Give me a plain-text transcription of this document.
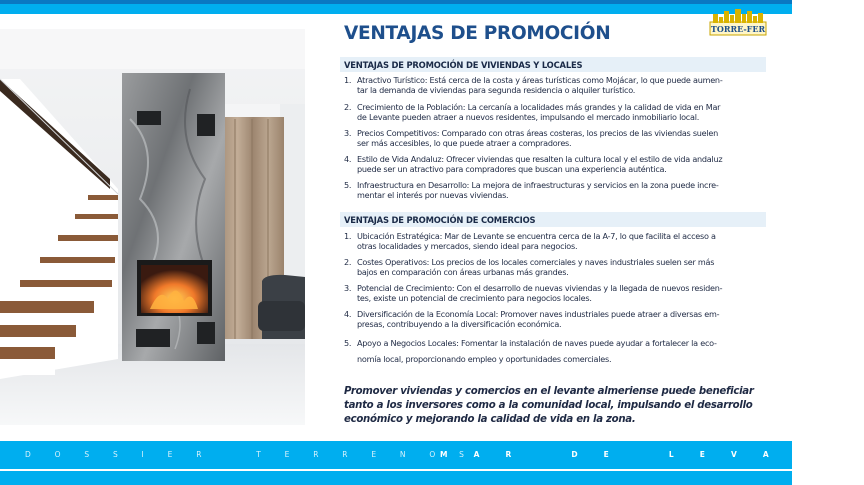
TORRE-FER
VENTAJAS DE PROMOCIÓN
VENTAJAS DE PROMOCIÓN DE VIVIENDAS Y LOCALES
1. Atractivo Turístico: Está cerca de la costa y áreas turísticas como Mojácar, lo que puede aumen-
tar la demanda de viviendas para segunda residencia o alquiler turístico.
2. Crecimiento de la Población: La cercanía a localidades más grandes y la calidad de vida en Mar
de Levante pueden atraer a nuevos residentes, impulsando el mercado inmobiliario local.
3. Precios Competitivos: Comparado con otras áreas costeras, los precios de las viviendas suelen
ser más accesibles, lo que puede atraer a compradores.
4. Estilo de Vida Andaluz: Ofrecer viviendas que resalten la cultura local y el estilo de vida andaluz
puede ser un atractivo para compradores que buscan una experiencia auténtica.
5. Infraestructura en Desarrollo: La mejora de infraestructuras y servicios en la zona puede incre-
mentar el interés por nuevas viviendas.
VENTAJAS DE PROMOCIÓN DE COMERCIOS
1. Ubicación Estratégica: Mar de Levante se encuentra cerca de la A-7, lo que facilita el acceso a
otras localidades y mercados, siendo ideal para negocios.
2. Costes Operativos: Los precios de los locales comerciales y naves industriales suelen ser más
bajos en comparación con áreas urbanas más grandes.
3. Potencial de Crecimiento: Con el desarrollo de nuevas viviendas y la llegada de nuevos residen-
tes, existe un potencial de crecimiento para negocios locales.
4. Diversificación de la Economía Local: Promover naves industriales puede atraer a diversas em-
presas, contribuyendo a la diversificación económica.
5. Apoyo a Negocios Locales: Fomentar la instalación de naves puede ayudar a fortalecer la eco-
nomía local, proporcionando empleo y oportunidades comerciales.
Promover viviendas y comercios en el levante almeriense puede beneficiar tanto a los inversores como a la comunidad local, impulsando el desarrollo económico y mejorando la calidad de vida en la zona.
D          O          S          S          I          E          R                       T          E          R          R          E          N          O          S
M          A          R                       D          E                       L          E          V          A          N          T          E
